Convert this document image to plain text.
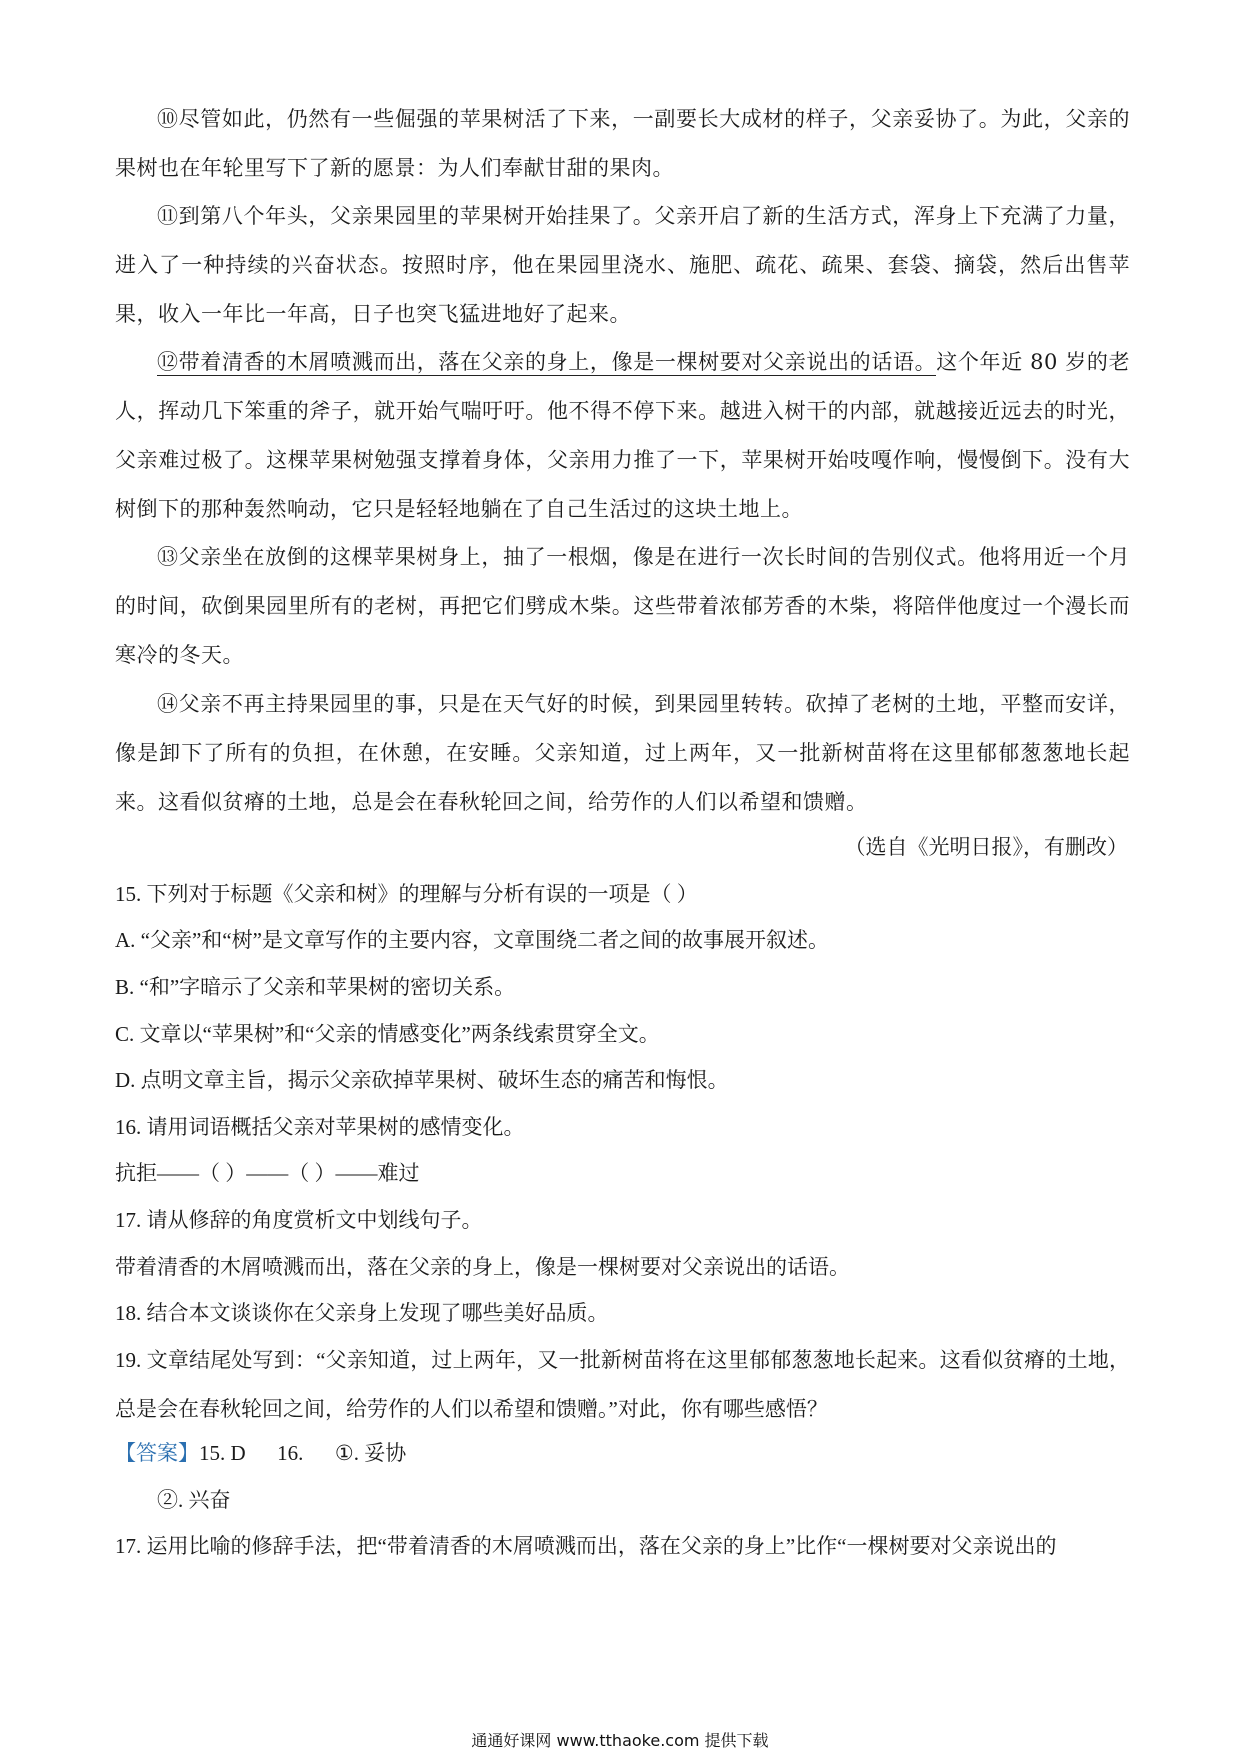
⑩尽管如此，仍然有一些倔强的苹果树活了下来，一副要长大成材的样子，父亲妥协了。为此，父亲的果树也在年轮里写下了新的愿景：为人们奉献甘甜的果肉。

⑪到第八个年头，父亲果园里的苹果树开始挂果了。父亲开启了新的生活方式，浑身上下充满了力量，进入了一种持续的兴奋状态。按照时序，他在果园里浇水、施肥、疏花、疏果、套袋、摘袋，然后出售苹果，收入一年比一年高，日子也突飞猛进地好了起来。

⑫带着清香的木屑喷溅而出，落在父亲的身上，像是一棵树要对父亲说出的话语。这个年近 80 岁的老人，挥动几下笨重的斧子，就开始气喘吁吁。他不得不停下来。越进入树干的内部，就越接近远去的时光，父亲难过极了。这棵苹果树勉强支撑着身体，父亲用力推了一下，苹果树开始吱嘎作响，慢慢倒下。没有大树倒下的那种轰然响动，它只是轻轻地躺在了自己生活过的这块土地上。

⑬父亲坐在放倒的这棵苹果树身上，抽了一根烟，像是在进行一次长时间的告别仪式。他将用近一个月的时间，砍倒果园里所有的老树，再把它们劈成木柴。这些带着浓郁芳香的木柴，将陪伴他度过一个漫长而寒冷的冬天。

⑭父亲不再主持果园里的事，只是在天气好的时候，到果园里转转。砍掉了老树的土地，平整而安详，像是卸下了所有的负担，在休憩，在安睡。父亲知道，过上两年，又一批新树苗将在这里郁郁葱葱地长起来。这看似贫瘠的土地，总是会在春秋轮回之间，给劳作的人们以希望和馈赠。

（选自《光明日报》，有删改）

15. 下列对于标题《父亲和树》的理解与分析有误的一项是（ ）

A. “父亲”和“树”是文章写作的主要内容，文章围绕二者之间的故事展开叙述。

B. “和”字暗示了父亲和苹果树的密切关系。

C. 文章以“苹果树”和“父亲的情感变化”两条线索贯穿全文。

D. 点明文章主旨，揭示父亲砍掉苹果树、破坏生态的痛苦和悔恨。

16. 请用词语概括父亲对苹果树的感情变化。

抗拒——（ ）——（ ）——难过

17. 请从修辞的角度赏析文中划线句子。

带着清香的木屑喷溅而出，落在父亲的身上，像是一棵树要对父亲说出的话语。

18. 结合本文谈谈你在父亲身上发现了哪些美好品质。

19. 文章结尾处写到：“父亲知道，过上两年，又一批新树苗将在这里郁郁葱葱地长起来。这看似贫瘠的土地，总是会在春秋轮回之间，给劳作的人们以希望和馈赠。”对此，你有哪些感悟？

【答案】15. D      16.      ①. 妥协

②. 兴奋

17. 运用比喻的修辞手法，把“带着清香的木屑喷溅而出，落在父亲的身上”比作“一棵树要对父亲说出的

通通好课网 www.tthaoke.com 提供下载
